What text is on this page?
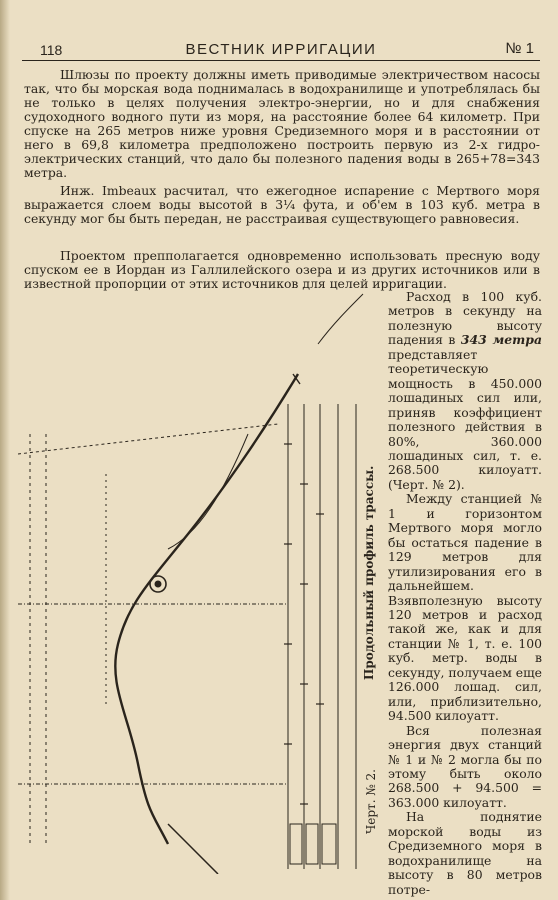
118	ВЕСТНИК ИРРИГАЦИИ	№ 1
Шлюзы по проекту должны иметь приводимые электричеством насосы так, что бы морская вода поднималась в водохранилище и употреблялась бы не только в целях получения электро-энергии, но и для снабжения судоходного водного пути из моря, на расстояние более 64 километр. При спуске на 265 метров ниже уровня Средиземного моря и в расстоянии от него в 69,8 километра предположено построить первую из 2-х гидро-электрических станций, что дало бы полезного падения воды в 265+78=343 метра.
Инж. Imbeaux расчитал, что ежегодное испарение с Мертвого моря выражается слоем воды высотой в 3¼ фута, и об'ем в 103 куб. метра в секунду мог бы быть передан, не расстраивая существующего равновесия.
Проектом препполагается одновременно использовать пресную воду спуском ее в Иордан из Галлилейского озера и из других источников или в известной пропорции от этих источников для целей ирригации.

Расход в 100 куб. метров в секунду на полезную высоту падения в 343 метра представляет теоретическую мощность в 450.000 лошадиных сил или, приняв коэффициент полезного действия в 80%, 360.000 лошадиных сил, т. е. 268.500 килоуатт. (Черт. № 2).

Между станцией № 1 и горизонтом Мертвого моря могло бы остаться падение в 129 метров для утилизирования его в дальнейшем. Взявполезную высоту 120 метров и расход такой же, как и для станции № 1, т. е. 100 куб. метр. воды в секунду, получаем еще 126.000 лошад. сил, или, приблизительно, 94.500 килоуатт.

Вся полезная энергия двух станций № 1 и № 2 могла бы по этому быть около 268.500 + 94.500 = 363.000 килоуатт.

На поднятие морской воды из Средиземного моря в водохранилище на высоту в 80 метров потре-

Продольный профиль трассы.
Черт. № 2.
